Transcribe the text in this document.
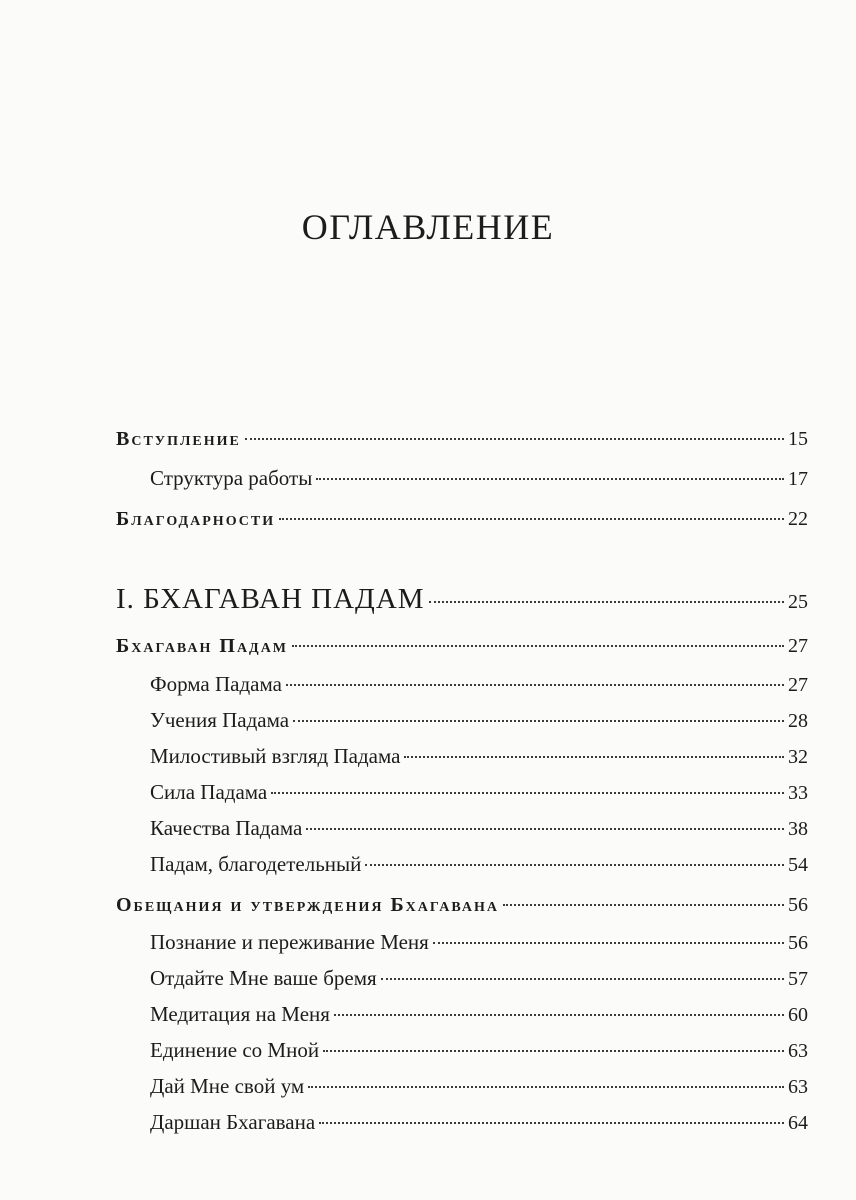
ОГЛАВЛЕНИЕ
Вступление	15
Структура работы	17
Благодарности	22
I. БХАГАВАН ПАДАМ	25
Бхагаван Падам	27
Форма Падама	27
Учения Падама	28
Милостивый взгляд Падама	32
Сила Падама	33
Качества Падама	38
Падам, благодетельный	54
Обещания и утверждения Бхагавана	56
Познание и переживание Меня	56
Отдайте Мне ваше бремя	57
Медитация на Меня	60
Единение со Мной	63
Дай Мне свой ум	63
Даршан Бхагавана	64
